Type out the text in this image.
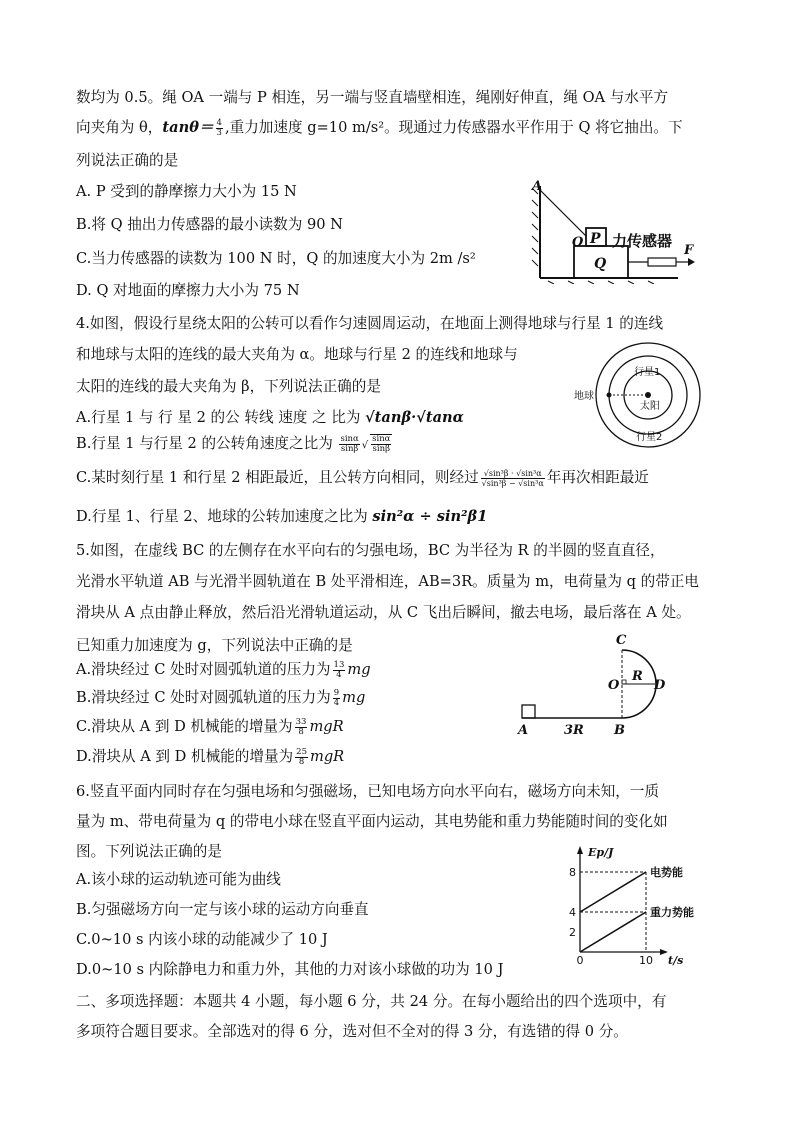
数均为 0.5。绳 OA 一端与 P 相连，另一端与竖直墙壁相连，绳刚好伸直，绳 OA 与水平方
向夹角为 θ，$\tan\theta= \frac{4}{3}$ ,重力加速度 g=10 m/s²。现通过力传感器水平作用于 Q 将它抽出。下
列说法正确的是
A. P 受到的静摩擦力大小为 15 N
B.将 Q 抽出力传感器的最小读数为 90 N
C.当力传感器的读数为 100 N 时，Q 的加速度大小为 2m /s²
D. Q 对地面的摩擦力大小为 75 N
A
O P
Q
力传感器
F
4.如图，假设行星绕太阳的公转可以看作匀速圆周运动，在地面上测得地球与行星 1 的连线
和地球与太阳的连线的最大夹角为 α。地球与行星 2 的连线和地球与
太阳的连线的最大夹角为 β，下列说法正确的是
A.行星 1 与 行 星 2 的公 转线 速度 之 比为 √tanβ·√tanα
B.行星 1 与行星 2 的公转角速度之比为 $\frac{\sin\alpha}{\sin\beta}$ √ $\frac{\sin\alpha}{\sin\beta}$
C.某时刻行星 1 和行星 2 相距最近，且公转方向相同，则经过 $\frac{\text{√sin³β · √sin³α}}{\text{√sin³β − √sin³α}}$ 年再次相距最近
D.行星 1、行星 2、地球的公转加速度之比为 sin²α ÷ sin²β1
行星1
太阳
地球
行星2
5.如图，在虚线 BC 的左侧存在水平向右的匀强电场，BC 为半径为 R 的半圆的竖直直径，
光滑水平轨道 AB 与光滑半圆轨道在 B 处平滑相连，AB=3R。质量为 m，电荷量为 q 的带正电
滑块从 A 点由静止释放，然后沿光滑轨道运动，从 C 飞出后瞬间，撤去电场，最后落在 A 处。
已知重力加速度为 g，下列说法中正确的是
A.滑块经过 C 处时对圆弧轨道的压力为 $\frac{13}{4}$ mg
B.滑块经过 C 处时对圆弧轨道的压力为 $\frac{9}{4}$ mg
C.滑块从 A 到 D 机械能的增量为 $\frac{33}{8}$ mgR
D.滑块从 A 到 D 机械能的增量为 $\frac{25}{8}$ mgR
C
O
R
D
A	3R B
6.竖直平面内同时存在匀强电场和匀强磁场，已知电场方向水平向右，磁场方向未知，一质
量为 m、带电荷量为 q 的带电小球在竖直平面内运动，其电势能和重力势能随时间的变化如
图。下列说法正确的是
A.该小球的运动轨迹可能为曲线
B.匀强磁场方向一定与该小球的运动方向垂直
C.0~10 s 内该小球的动能减少了 10 J
D.0~10 s 内除静电力和重力外，其他的力对该小球做的功为 10 J
Ep/J
t/s
2
4
8
0	10
电势能
重力势能
二、多项选择题：本题共 4 小题，每小题 6 分，共 24 分。在每小题给出的四个选项中，有
多项符合题目要求。全部选对的得 6 分，选对但不全对的得 3 分，有选错的得 0 分。
